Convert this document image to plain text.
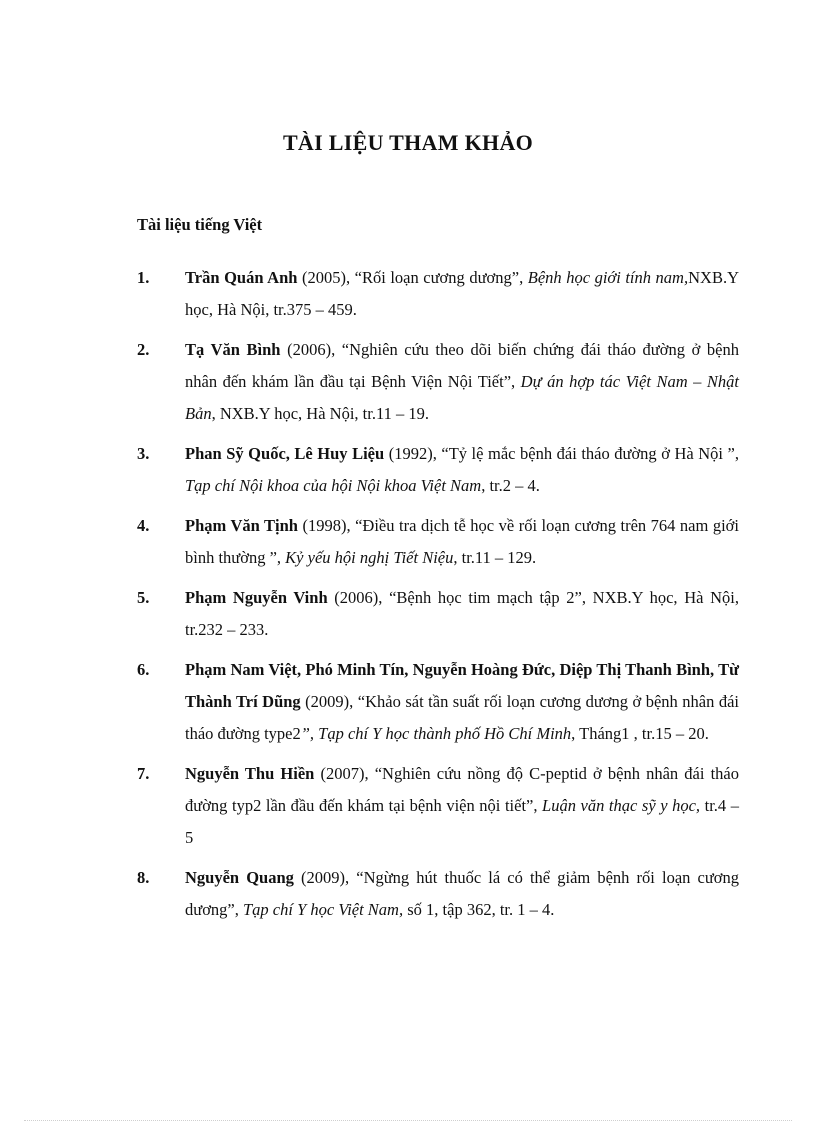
TÀI LIỆU THAM KHẢO
Tài liệu tiếng Việt
1.	Trần Quán Anh (2005), “Rối loạn cương dương”, Bệnh học giới tính nam,NXB.Y học, Hà Nội, tr.375 – 459.
2.	Tạ Văn Bình (2006), “Nghiên cứu theo dõi biến chứng đái tháo đường ở bệnh nhân đến khám lần đầu tại Bệnh Viện Nội Tiết”, Dự án hợp tác Việt Nam – Nhật Bản, NXB.Y học, Hà Nội, tr.11 – 19.
3.	Phan Sỹ Quốc, Lê Huy Liệu (1992), “Tỷ lệ mắc bệnh đái tháo đường ở Hà Nội ”, Tạp chí Nội khoa của hội Nội khoa Việt Nam, tr.2 – 4.
4.	Phạm Văn Tịnh (1998), “Điều tra dịch tễ học về rối loạn cương trên 764 nam giới bình thường ”, Kỷ yếu hội nghị Tiết Niệu, tr.11 – 129.
5.	Phạm Nguyễn Vinh (2006), “Bệnh học tim mạch tập 2”, NXB.Y học, Hà Nội, tr.232 – 233.
6.	Phạm Nam Việt, Phó Minh Tín, Nguyễn Hoàng Đức, Diệp Thị Thanh Bình, Từ Thành Trí Dũng (2009), “Khảo sát tần suất rối loạn cương dương ở bệnh nhân đái tháo đường type2”, Tạp chí Y học thành phố Hồ Chí Minh, Tháng1 , tr.15 – 20.
7.	Nguyễn Thu Hiền (2007), “Nghiên cứu nồng độ C-peptid ở bệnh nhân đái tháo đường typ2 lần đầu đến khám tại bệnh viện nội tiết”, Luận văn thạc sỹ y học, tr.4 – 5
8.	Nguyễn Quang (2009), “Ngừng hút thuốc lá có thể giảm bệnh rối loạn cương dương”, Tạp chí Y học Việt Nam, số 1, tập 362, tr. 1 – 4.
